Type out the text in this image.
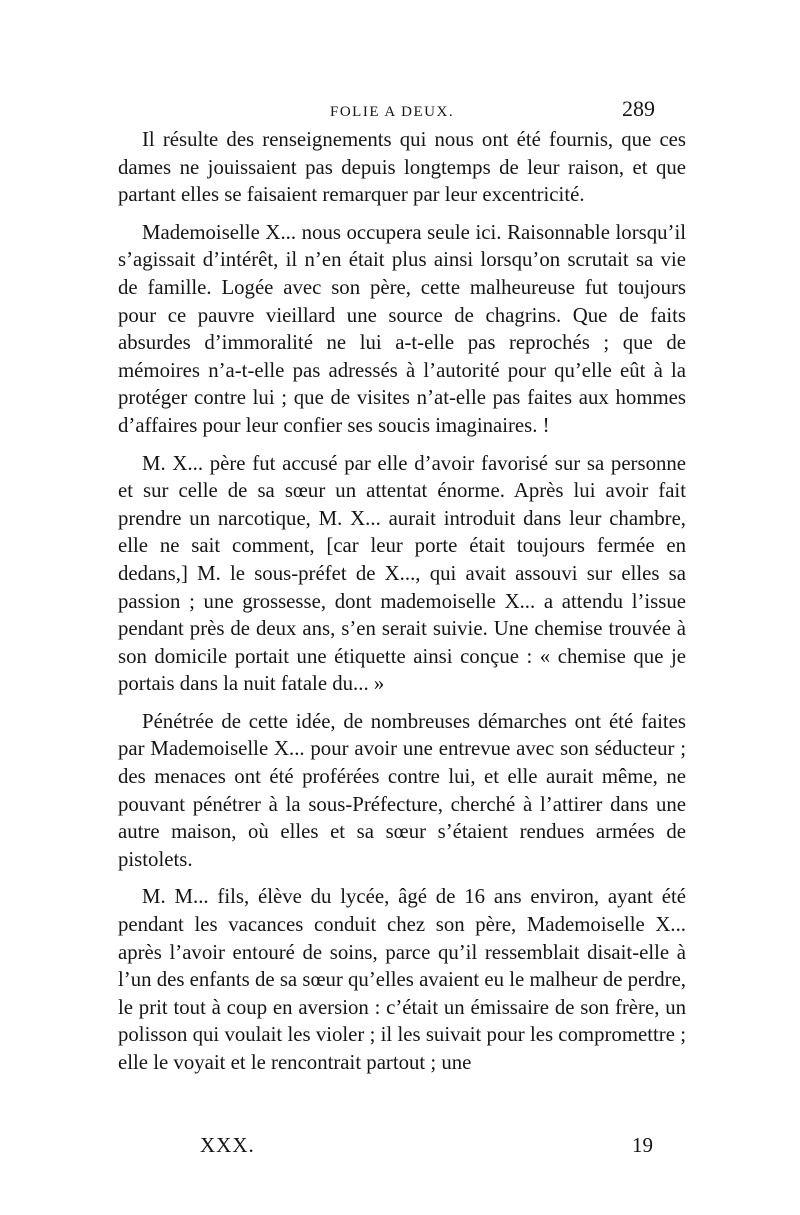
FOLIE A DEUX.	289

Il résulte des renseignements qui nous ont été fournis, que ces dames ne jouissaient pas depuis longtemps de leur raison, et que partant elles se faisaient remarquer par leur excentricité.

Mademoiselle X... nous occupera seule ici. Raisonnable lorsqu’il s’agissait d’intérêt, il n’en était plus ainsi lorsqu’on scrutait sa vie de famille. Logée avec son père, cette malheureuse fut toujours pour ce pauvre vieillard une source de chagrins. Que de faits absurdes d’immoralité ne lui a-t-elle pas reprochés ; que de mémoires n’a-t-elle pas adressés à l’autorité pour qu’elle eût à la protéger contre lui ; que de visites n’at-elle pas faites aux hommes d’affaires pour leur confier ses soucis imaginaires. !

M. X... père fut accusé par elle d’avoir favorisé sur sa personne et sur celle de sa sœur un attentat énorme. Après lui avoir fait prendre un narcotique, M. X... aurait introduit dans leur chambre, elle ne sait comment, [car leur porte était toujours fermée en dedans,] M. le sous-préfet de X..., qui avait assouvi sur elles sa passion ; une grossesse, dont mademoiselle X... a attendu l’issue pendant près de deux ans, s’en serait suivie. Une chemise trouvée à son domicile portait une étiquette ainsi conçue : « chemise que je portais dans la nuit fatale du... »

Pénétrée de cette idée, de nombreuses démarches ont été faites par Mademoiselle X... pour avoir une entrevue avec son séducteur ; des menaces ont été proférées contre lui, et elle aurait même, ne pouvant pénétrer à la sous-Préfecture, cherché à l’attirer dans une autre maison, où elles et sa sœur s’étaient rendues armées de pistolets.

M. M... fils, élève du lycée, âgé de 16 ans environ, ayant été pendant les vacances conduit chez son père, Mademoiselle X... après l’avoir entouré de soins, parce qu’il ressemblait disait-elle à l’un des enfants de sa sœur qu’elles avaient eu le malheur de perdre, le prit tout à coup en aversion : c’était un émissaire de son frère, un polisson qui voulait les violer ; il les suivait pour les compromettre ; elle le voyait et le rencontrait partout ; une

XXX.	19
